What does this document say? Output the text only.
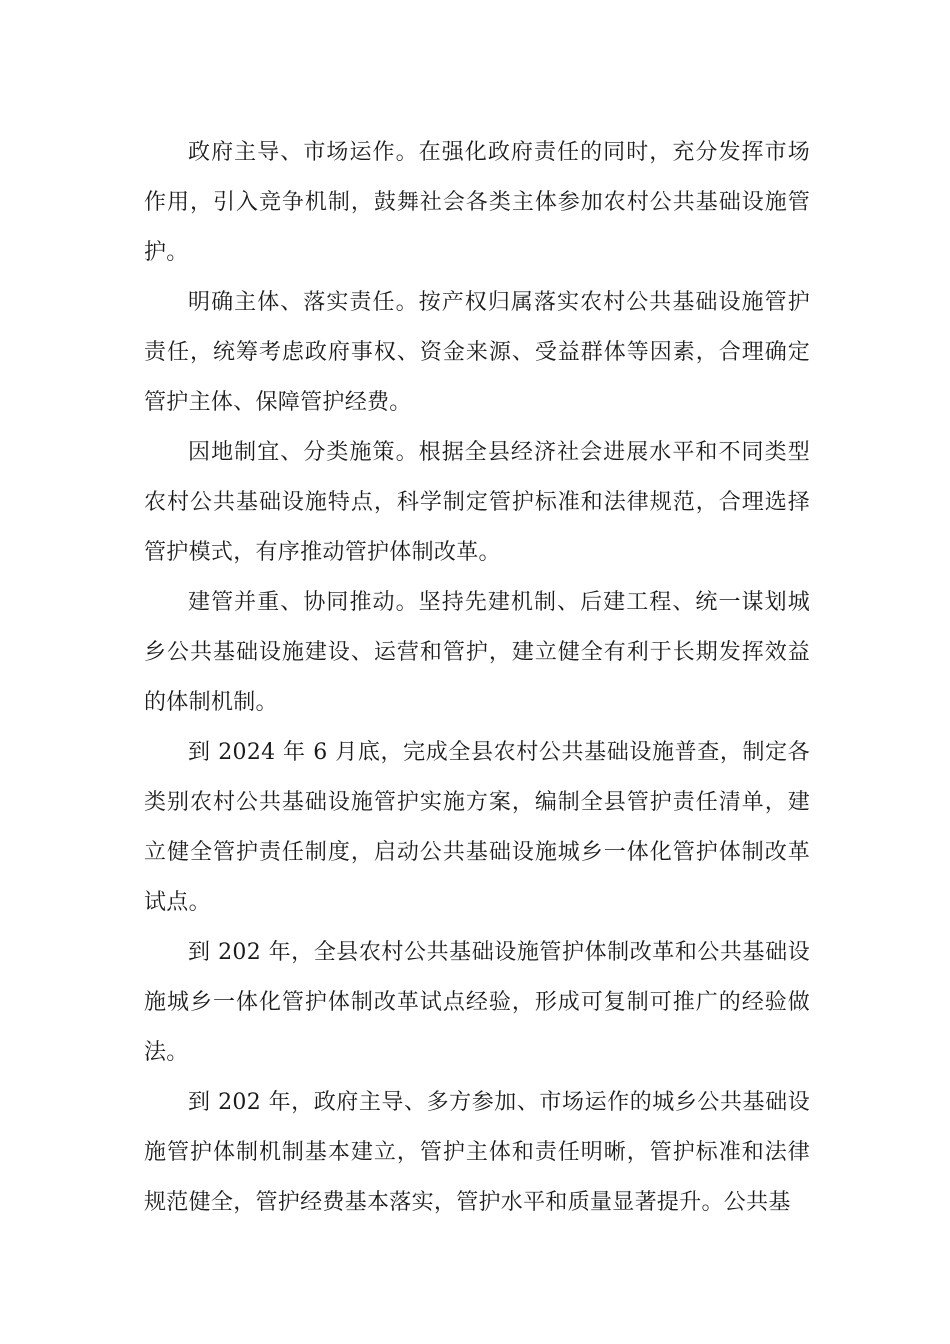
政府主导、市场运作。在强化政府责任的同时，充分发挥市场作用，引入竞争机制，鼓舞社会各类主体参加农村公共基础设施管护。

明确主体、落实责任。按产权归属落实农村公共基础设施管护责任，统筹考虑政府事权、资金来源、受益群体等因素，合理确定管护主体、保障管护经费。

因地制宜、分类施策。根据全县经济社会进展水平和不同类型农村公共基础设施特点，科学制定管护标准和法律规范，合理选择管护模式，有序推动管护体制改革。

建管并重、协同推动。坚持先建机制、后建工程、统一谋划城乡公共基础设施建设、运营和管护，建立健全有利于长期发挥效益的体制机制。

到 2024 年 6 月底，完成全县农村公共基础设施普查，制定各类别农村公共基础设施管护实施方案，编制全县管护责任清单，建立健全管护责任制度，启动公共基础设施城乡一体化管护体制改革试点。

到 202 年，全县农村公共基础设施管护体制改革和公共基础设施城乡一体化管护体制改革试点经验，形成可复制可推广的经验做法。

到 202 年，政府主导、多方参加、市场运作的城乡公共基础设施管护体制机制基本建立，管护主体和责任明晰，管护标准和法律规范健全，管护经费基本落实，管护水平和质量显著提升。公共基
